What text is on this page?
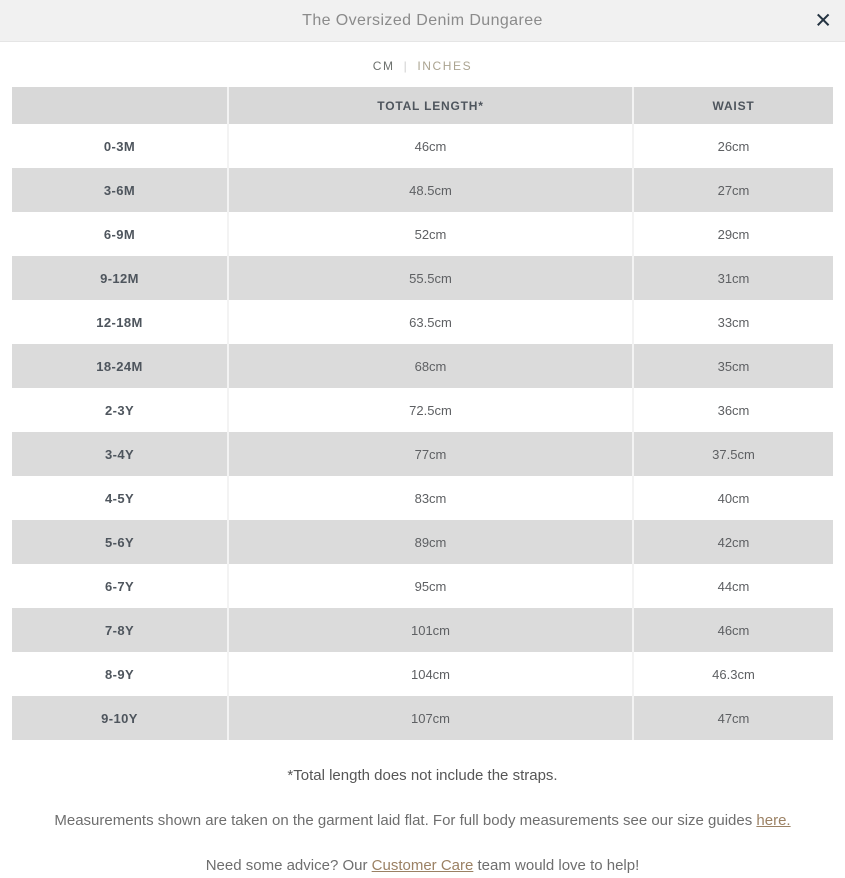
The Oversized Denim Dungaree	✕
CM | INCHES
	TOTAL LENGTH*	WAIST
0-3M	46cm	26cm
3-6M	48.5cm	27cm
6-9M	52cm	29cm
9-12M	55.5cm	31cm
12-18M	63.5cm	33cm
18-24M	68cm	35cm
2-3Y	72.5cm	36cm
3-4Y	77cm	37.5cm
4-5Y	83cm	40cm
5-6Y	89cm	42cm
6-7Y	95cm	44cm
7-8Y	101cm	46cm
8-9Y	104cm	46.3cm
9-10Y	107cm	47cm
*Total length does not include the straps.
Measurements shown are taken on the garment laid flat. For full body measurements see our size guides here.
Need some advice? Our Customer Care team would love to help!
